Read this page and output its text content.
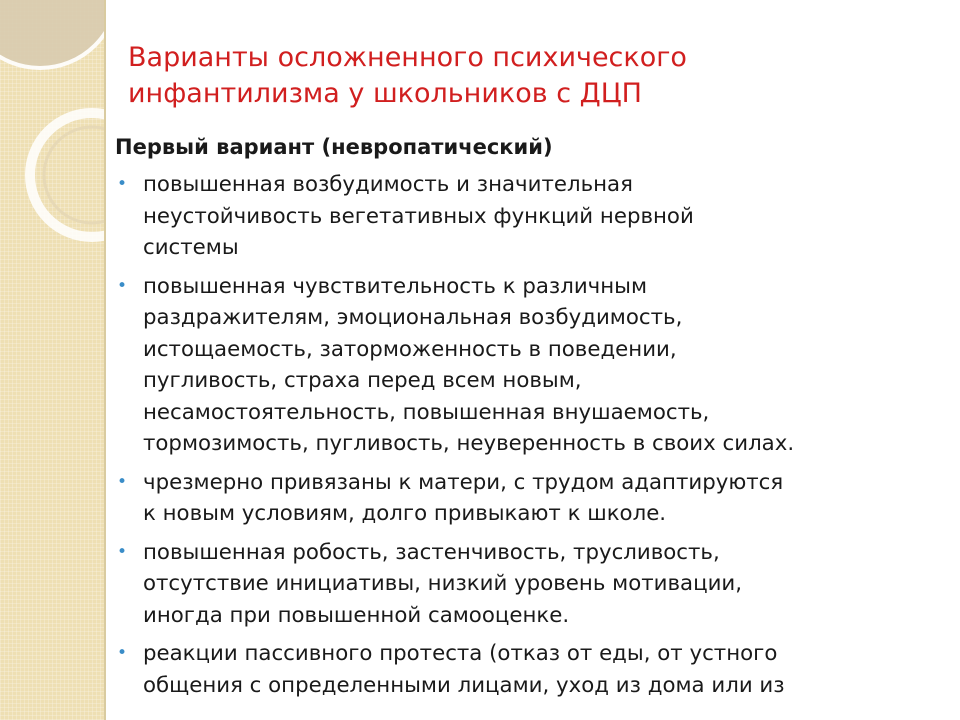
Варианты осложненного психического
инфантилизма у школьников с ДЦП

Первый вариант (невропатический)

• повышенная возбудимость и значительная
неустойчивость вегетативных функций нервной
системы
• повышенная чувствительность к различным
раздражителям, эмоциональная возбудимость,
истощаемость, заторможенность в поведении,
пугливость, страха перед всем новым,
несамостоятельность, повышенная внушаемость,
тормозимость, пугливость, неуверенность в своих силах.
• чрезмерно привязаны к матери, с трудом адаптируются
к новым условиям, долго привыкают к школе.
• повышенная робость, застенчивость, трусливость,
отсутствие инициативы, низкий уровень мотивации,
иногда при повышенной самооценке.
• реакции пассивного протеста (отказ от еды, от устного
общения с определенными лицами, уход из дома или из
